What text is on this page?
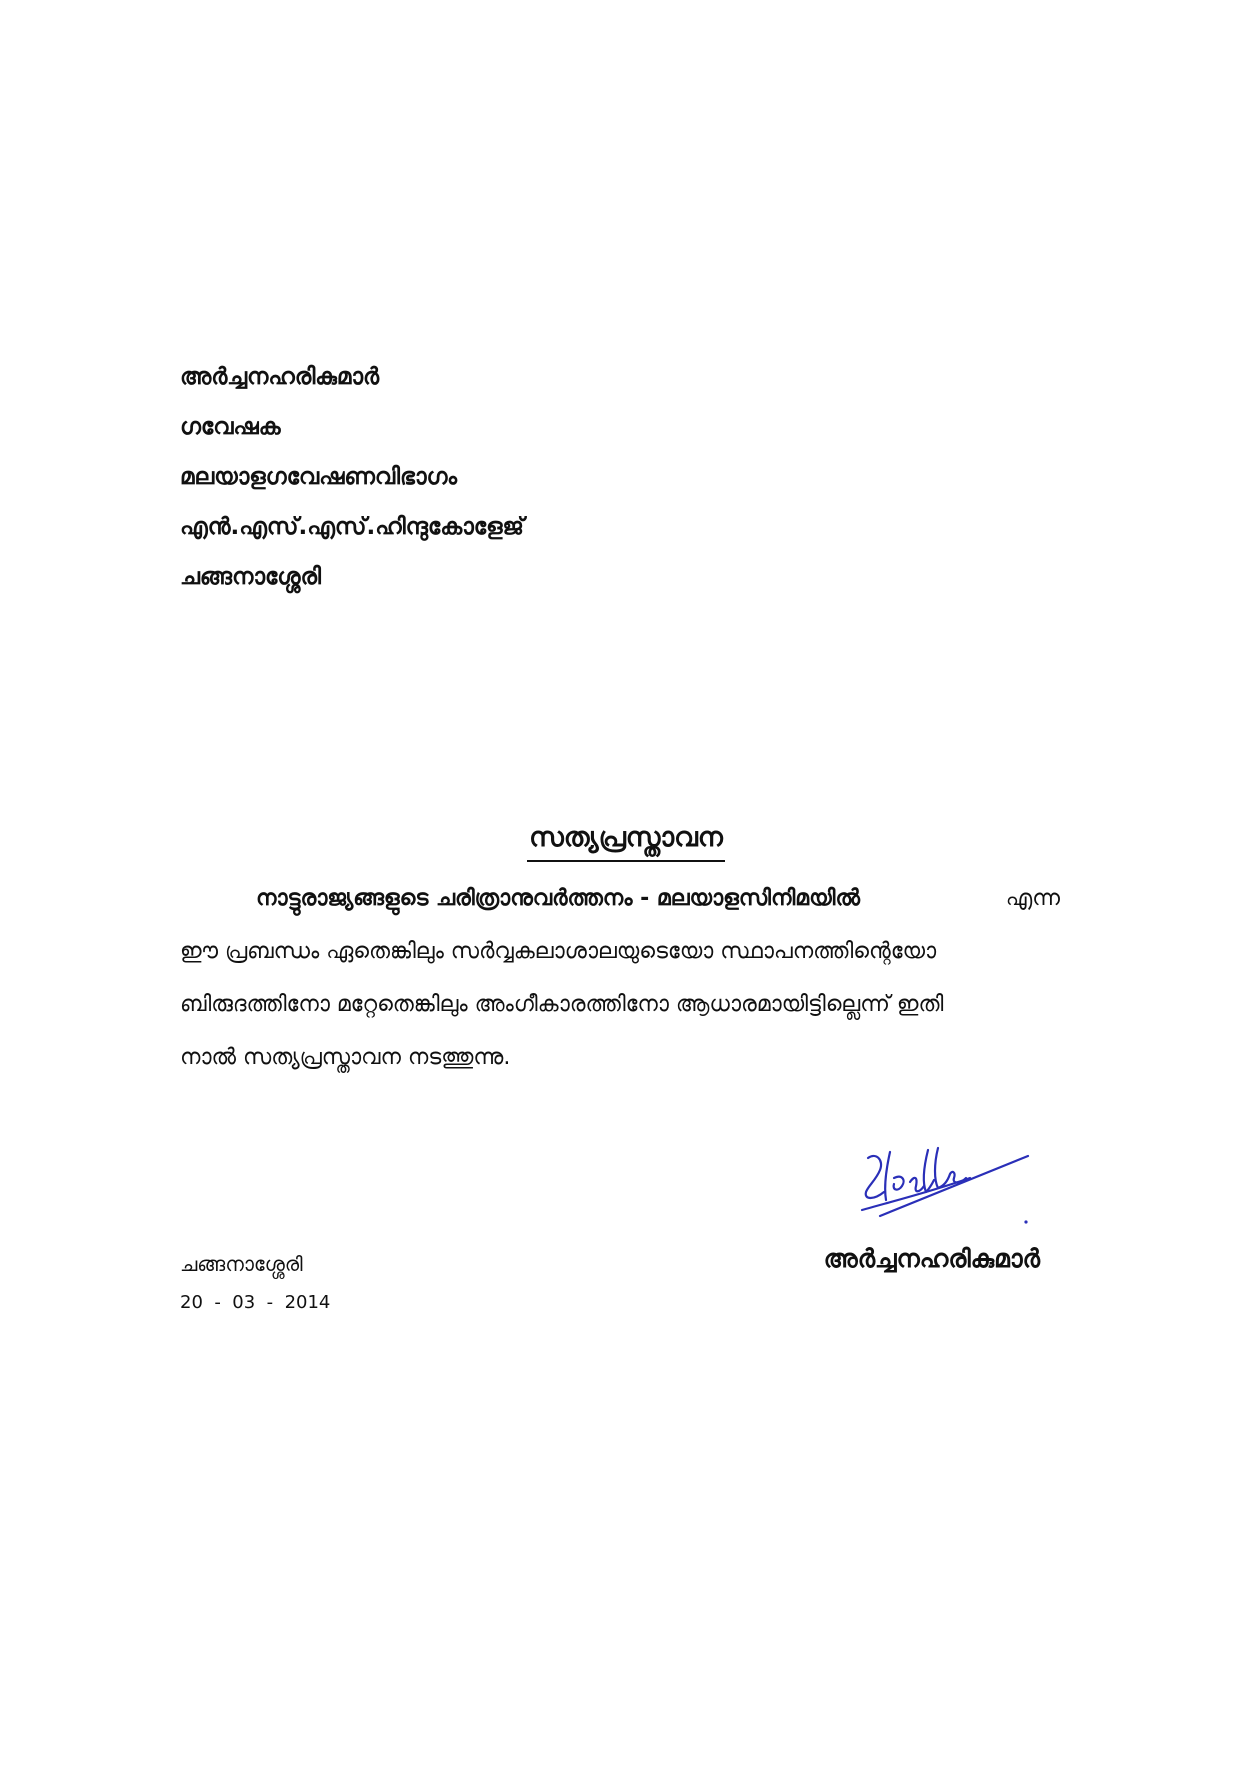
അർച്ചനഹരികുമാർ
ഗവേഷക
മലയാളഗവേഷണവിഭാഗം
എൻ.എസ്.എസ്.ഹിന്ദുകോളേജ്
ചങ്ങനാശ്ശേരി
സത്യപ്രസ്താവന
നാട്ടുരാജ്യങ്ങളുടെ ചരിത്രാനുവർത്തനം - മലയാളസിനിമയിൽ	എന്ന
ഈ പ്രബന്ധം ഏതെങ്കിലും സർവ്വകലാശാലയുടെയോ സ്ഥാപനത്തിന്റെയോ
ബിരുദത്തിനോ മറ്റേതെങ്കിലും അംഗീകാരത്തിനോ ആധാരമായിട്ടില്ലെന്ന് ഇതി
നാൽ സത്യപ്രസ്താവന നടത്തുന്നു.
ചങ്ങനാശ്ശേരി
20  -  03  -  2014
അർച്ചനഹരികുമാർ
